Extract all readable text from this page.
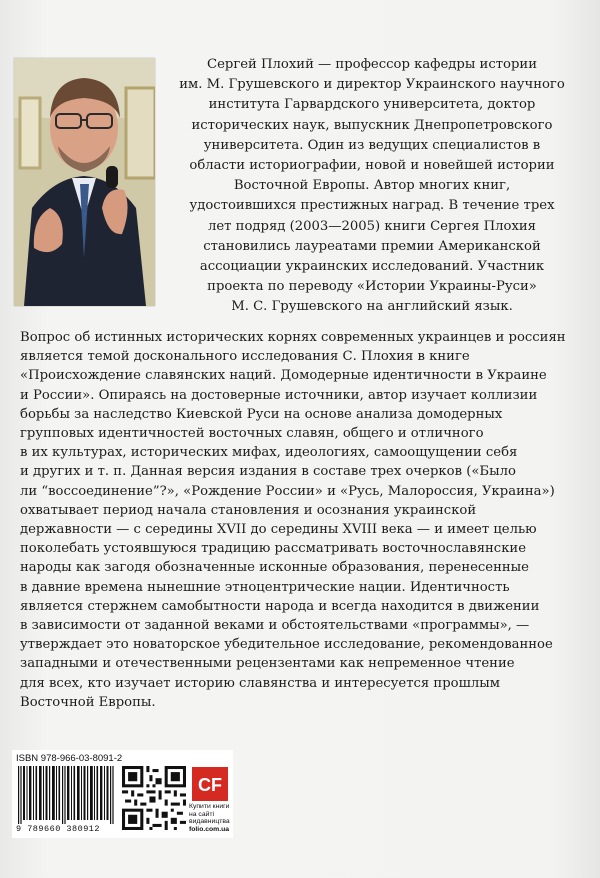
Сергей Плохий — профессор кафедры истории
им. М. Грушевского и директор Украинского научного
института Гарвардского университета, доктор
исторических наук, выпускник Днепропетровского
университета. Один из ведущих специалистов в
области историографии, новой и новейшей истории
Восточной Европы. Автор многих книг,
удостоившихся престижных наград. В течение трех
лет подряд (2003—2005) книги Сергея Плохия
становились лауреатами премии Американской
ассоциации украинских исследований. Участник
проекта по переводу «Истории Украины-Руси»
М. С. Грушевского на английский язык.
Вопрос об истинных исторических корнях современных украинцев и россиян
является темой досконального исследования С. Плохия в книге
«Происхождение славянских наций. Домодерные идентичности в Украине
и России». Опираясь на достоверные источники, автор изучает коллизии
борьбы за наследство Киевской Руси на основе анализа домодерных
групповых идентичностей восточных славян, общего и отличного
в их культурах, исторических мифах, идеологиях, самоощущении себя
и других и т. п. Данная версия издания в составе трех очерков («Было
ли “воссоединение”?», «Рождение России» и «Русь, Малороссия, Украина»)
охватывает период начала становления и осознания украинской
державности — с середины XVII до середины XVIII века — и имеет целью
поколебать устоявшуюся традицию рассматривать восточнославянские
народы как загодя обозначенные исконные образования, перенесенные
в давние времена нынешние этноцентрические нации. Идентичность
является стержнем самобытности народа и всегда находится в движении
в зависимости от заданной веками и обстоятельствами «программы», —
утверждает это новаторское убедительное исследование, рекомендованное
западными и отечественными рецензентами как непременное чтение
для всех, кто изучает историю славянства и интересуется прошлым
Восточной Европы.
ISBN 978-966-03-8091-2
9 789660 380912
CF
Купити книги
на сайті
видавництва
folio.com.ua
